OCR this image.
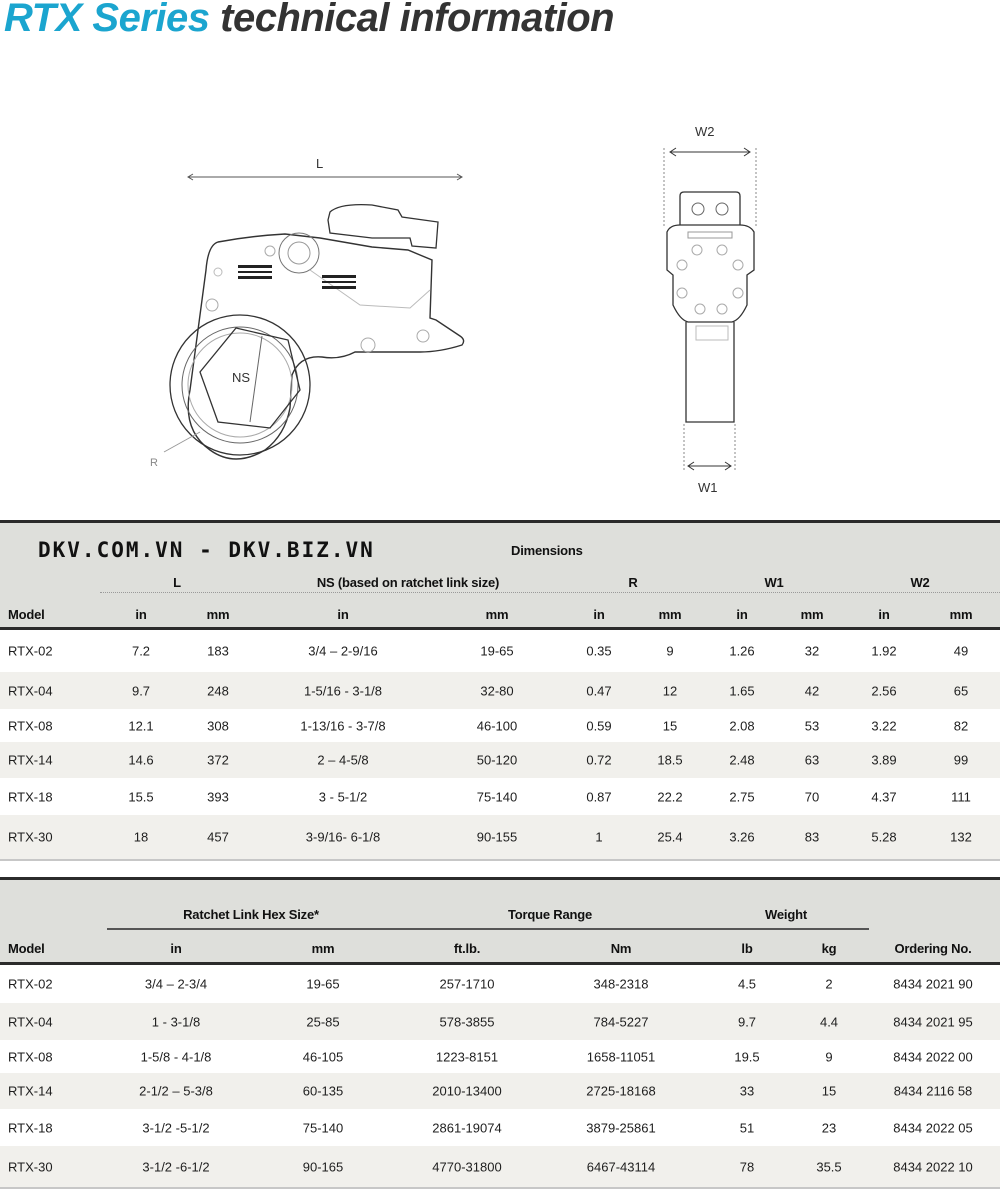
RTX Series technical information
L
NS
R
W2
W1
DKV.COM.VN - DKV.BIZ.VN	Dimensions
L	NS (based on ratchet link size)	R	W1	W2
Model	in	mm	in	mm	in	mm	in	mm	in	mm
RTX-02	7.2	183	3/4 – 2-9/16	19-65	0.35	9	1.26	32	1.92	49
RTX-04	9.7	248	1-5/16 - 3-1/8	32-80	0.47	12	1.65	42	2.56	65
RTX-08	12.1	308	1-13/16 - 3-7/8	46-100	0.59	15	2.08	53	3.22	82
RTX-14	14.6	372	2 – 4-5/8	50-120	0.72	18.5	2.48	63	3.89	99
RTX-18	15.5	393	3 - 5-1/2	75-140	0.87	22.2	2.75	70	4.37	111
RTX-30	18	457	3-9/16- 6-1/8	90-155	1	25.4	3.26	83	5.28	132
Ratchet Link Hex Size*	Torque Range	Weight
Model	in	mm	ft.lb.	Nm	lb	kg	Ordering No.
RTX-02	3/4 – 2-3/4	19-65	257-1710	348-2318	4.5	2	8434 2021 90
RTX-04	1 - 3-1/8	25-85	578-3855	784-5227	9.7	4.4	8434 2021 95
RTX-08	1-5/8 - 4-1/8	46-105	1223-8151	1658-11051	19.5	9	8434 2022 00
RTX-14	2-1/2 – 5-3/8	60-135	2010-13400	2725-18168	33	15	8434 2116 58
RTX-18	3-1/2 -5-1/2	75-140	2861-19074	3879-25861	51	23	8434 2022 05
RTX-30	3-1/2 -6-1/2	90-165	4770-31800	6467-43114	78	35.5	8434 2022 10
